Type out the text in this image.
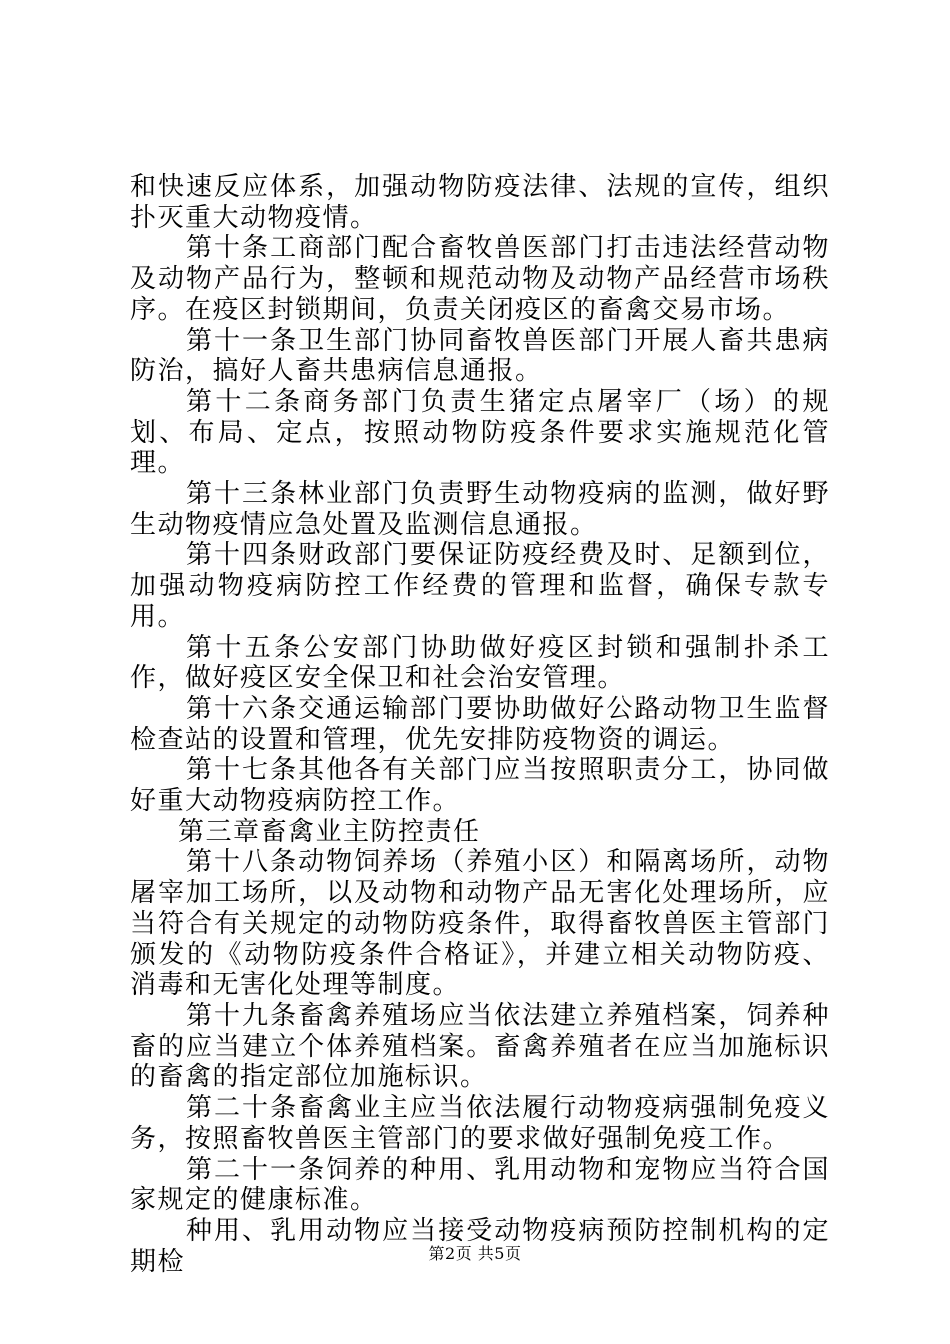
和快速反应体系，加强动物防疫法律、法规的宣传，组织扑灭重大动物疫情。

第十条工商部门配合畜牧兽医部门打击违法经营动物及动物产品行为，整顿和规范动物及动物产品经营市场秩序。在疫区封锁期间，负责关闭疫区的畜禽交易市场。

第十一条卫生部门协同畜牧兽医部门开展人畜共患病防治，搞好人畜共患病信息通报。

第十二条商务部门负责生猪定点屠宰厂（场）的规划、布局、定点，按照动物防疫条件要求实施规范化管理。

第十三条林业部门负责野生动物疫病的监测，做好野生动物疫情应急处置及监测信息通报。

第十四条财政部门要保证防疫经费及时、足额到位，加强动物疫病防控工作经费的管理和监督，确保专款专用。

第十五条公安部门协助做好疫区封锁和强制扑杀工作，做好疫区安全保卫和社会治安管理。

第十六条交通运输部门要协助做好公路动物卫生监督检查站的设置和管理，优先安排防疫物资的调运。

第十七条其他各有关部门应当按照职责分工，协同做好重大动物疫病防控工作。

第三章畜禽业主防控责任

第十八条动物饲养场（养殖小区）和隔离场所，动物屠宰加工场所，以及动物和动物产品无害化处理场所，应当符合有关规定的动物防疫条件，取得畜牧兽医主管部门颁发的《动物防疫条件合格证》，并建立相关动物防疫、消毒和无害化处理等制度。

第十九条畜禽养殖场应当依法建立养殖档案，饲养种畜的应当建立个体养殖档案。畜禽养殖者在应当加施标识的畜禽的指定部位加施标识。

第二十条畜禽业主应当依法履行动物疫病强制免疫义务，按照畜牧兽医主管部门的要求做好强制免疫工作。

第二十一条饲养的种用、乳用动物和宠物应当符合国家规定的健康标准。

种用、乳用动物应当接受动物疫病预防控制机构的定期检	第2页 共5页
